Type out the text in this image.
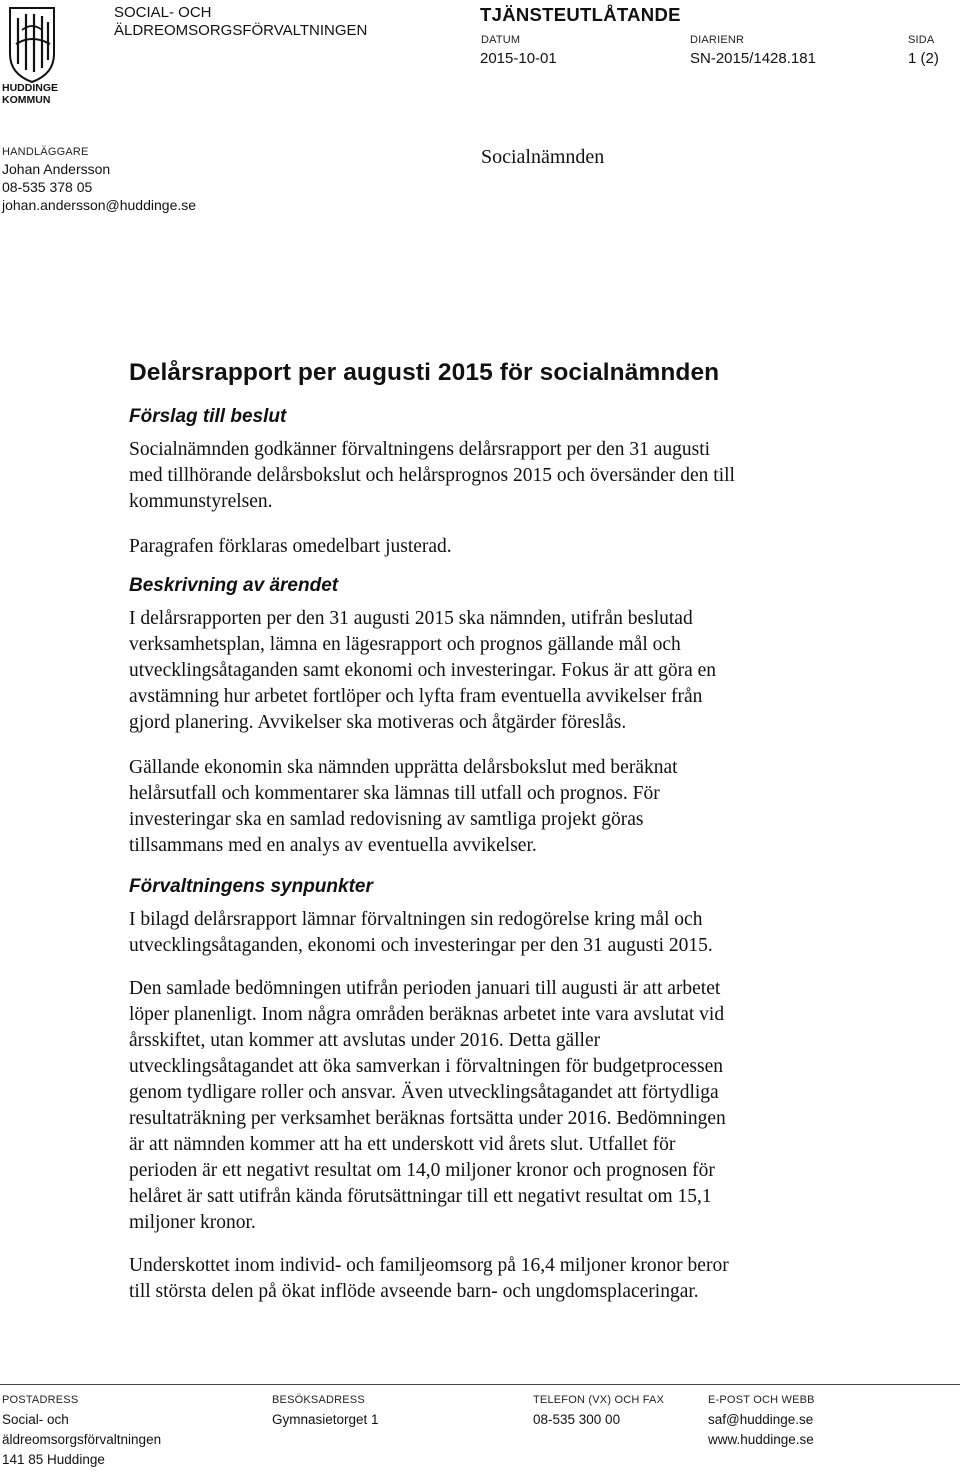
HUDDINGE
KOMMUN
SOCIAL- OCH
ÄLDREOMSORGSFÖRVALTNINGEN
TJÄNSTEUTLÅTANDE
DATUM
2015-10-01
DIARIENR
SN-2015/1428.181
SIDA
1 (2)
HANDLÄGGARE
Johan Andersson
08-535 378 05
johan.andersson@huddinge.se
Socialnämnden
Delårsrapport per augusti 2015 för socialnämnden
Förslag till beslut
Socialnämnden godkänner förvaltningens delårsrapport per den 31 augusti
med tillhörande delårsbokslut och helårsprognos 2015 och översänder den till
kommunstyrelsen.
Paragrafen förklaras omedelbart justerad.
Beskrivning av ärendet
I delårsrapporten per den 31 augusti 2015 ska nämnden, utifrån beslutad
verksamhetsplan, lämna en lägesrapport och prognos gällande mål och
utvecklingsåtaganden samt ekonomi och investeringar. Fokus är att göra en
avstämning hur arbetet fortlöper och lyfta fram eventuella avvikelser från
gjord planering. Avvikelser ska motiveras och åtgärder föreslås.
Gällande ekonomin ska nämnden upprätta delårsbokslut med beräknat
helårsutfall och kommentarer ska lämnas till utfall och prognos. För
investeringar ska en samlad redovisning av samtliga projekt göras
tillsammans med en analys av eventuella avvikelser.
Förvaltningens synpunkter
I bilagd delårsrapport lämnar förvaltningen sin redogörelse kring mål och
utvecklingsåtaganden, ekonomi och investeringar per den 31 augusti 2015.
Den samlade bedömningen utifrån perioden januari till augusti är att arbetet
löper planenligt. Inom några områden beräknas arbetet inte vara avslutat vid
årsskiftet, utan kommer att avslutas under 2016. Detta gäller
utvecklingsåtagandet att öka samverkan i förvaltningen för budgetprocessen
genom tydligare roller och ansvar. Även utvecklingsåtagandet att förtydliga
resultaträkning per verksamhet beräknas fortsätta under 2016. Bedömningen
är att nämnden kommer att ha ett underskott vid årets slut. Utfallet för
perioden är ett negativt resultat om 14,0 miljoner kronor och prognosen för
helåret är satt utifrån kända förutsättningar till ett negativt resultat om 15,1
miljoner kronor.
Underskottet inom individ- och familjeomsorg på 16,4 miljoner kronor beror
till största delen på ökat inflöde avseende barn- och ungdomsplaceringar.
POSTADRESS
Social- och
äldreomsorgsförvaltningen
141 85 Huddinge
BESÖKSADRESS
Gymnasietorget 1
TELEFON (VX) OCH FAX
08-535 300 00
E-POST OCH WEBB
saf@huddinge.se
www.huddinge.se
